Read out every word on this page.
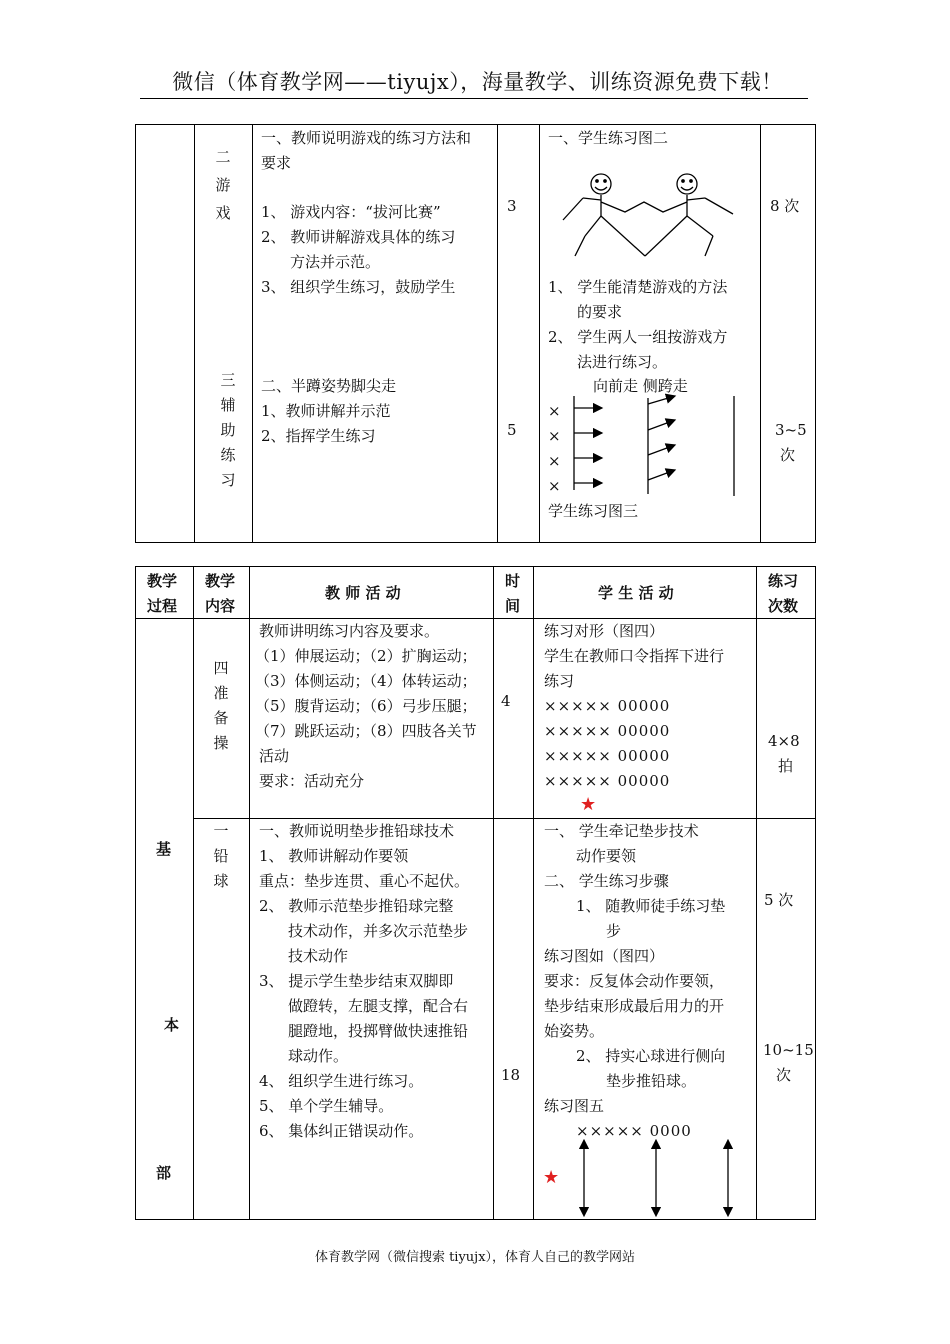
微信（体育教学网——tiyujx），海量教学、训练资源免费下载！
二游戏
三辅助练习
一、教师说明游戏的练习方法和
要求
1、 游戏内容：“拔河比赛”
2、 教师讲解游戏具体的练习
方法并示范。
3、 组织学生练习，鼓励学生
二、半蹲姿势脚尖走
1、教师讲解并示范
2、指挥学生练习
3
5
一、学生练习图二
1、 学生能清楚游戏的方法
的要求
2、 学生两人一组按游戏方
法进行练习。
向前走 侧跨走
×
×
×
×
学生练习图三
8 次
3~5
次
教学
过程
教学
内容
教 师 活 动
时
间
学 生 活 动
练习
次数
四准备操
教师讲明练习内容及要求。
（1）伸展运动；（2）扩胸运动；
（3）体侧运动；（4）体转运动；
（5）腹背运动；（6）弓步压腿；
（7）跳跃运动；（8）四肢各关节
活动
要求：活动充分
4
练习对形（图四）
学生在教师口令指挥下进行
练习
××××× 00000
××××× 00000
××××× 00000
××××× 00000
★
4×8
拍
基
本
部
一铅球
一、教师说明垫步推铅球技术
1、 教师讲解动作要领
重点：垫步连贯、重心不起伏。
2、 教师示范垫步推铅球完整
技术动作，并多次示范垫步
技术动作
3、 提示学生垫步结束双脚即
做蹬转，左腿支撑，配合右
腿蹬地，投掷臂做快速推铅
球动作。
4、 组织学生进行练习。
5、 单个学生辅导。
6、 集体纠正错误动作。
18
一、 学生牵记垫步技术
动作要领
二、 学生练习步骤
1、 随教师徒手练习垫
步
练习图如（图四）
要求：反复体会动作要领，
垫步结束形成最后用力的开
始姿势。
2、 持实心球进行侧向
垫步推铅球。
练习图五
××××× 0000
★
5 次
10~15
次
体育教学网（微信搜索 tiyujx），体育人自己的教学网站
